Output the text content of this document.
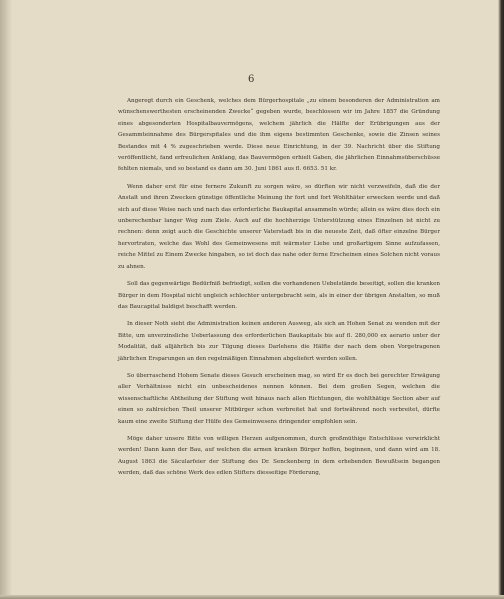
6

Angeregt durch ein Geschenk, welches dem Bürgerhospitale „zu einem besonderen der Administration am wünschenswerthesten erscheinenden Zwecke“ gegeben wurde, beschlossen wir im Jahre 1857 die Gründung eines abgesonderten Hospitalbauvermögens, welchem jährlich die Hälfte der Erübrigungen aus der Gesammteinnahme des Bürgerspitales und die ihm eigens bestimmten Geschenke, sowie die Zinsen seines Bestandes mit 4 % zugeschrieben werde. Diese neue Einrichtung, in der 39. Nachricht über die Stiftung veröffentlicht, fand erfreulichen Anklang, das Bauvermögen erhielt Gaben, die jährlichen Einnahmsüberschüsse fehlten niemals, und so bestand es dann am 30. Juni 1861 aus fl. 6653. 51 kr.

Wenn daher erst für eine fernere Zukunft zu sorgen wäre, so dürften wir nicht verzweifeln, daß die der Anstalt und ihren Zwecken günstige öffentliche Meinung ihr fort und fort Wohlthäter erwecken werde und daß sich auf diese Weise nach und nach das erforderliche Baukapital ansammeln würde; allein es wäre dies doch ein unberechenbar langer Weg zum Ziele. Auch auf die hochherzige Unterstützung eines Einzelnen ist nicht zu rechnen: denn zeigt auch die Geschichte unserer Vaterstadt bis in die neueste Zeit, daß öfter einzelne Bürger hervortraten, welche das Wohl des Gemeinwesens mit wärmster Liebe und großartigem Sinne aufzufassen, reiche Mittel zu Einem Zwecke hingaben, so ist doch das nahe oder ferne Erscheinen eines Solchen nicht voraus zu ahnen.

Soll das gegenwärtige Bedürfniß befriedigt, sollen die vorhandenen Uebelstände beseitigt, sollen die kranken Bürger in dem Hospital nicht ungleich schlechter untergebracht sein, als in einer der übrigen Anstalten, so muß das Baucapital baldigst beschafft werden.

In dieser Noth sieht die Administration keinen anderen Ausweg, als sich an Hohen Senat zu wenden mit der Bitte, um unverzinsliche Ueberlassung des erforderlichen Baukapitals bis auf fl. 280,000 ex aerario unter der Modalität, daß alljährlich bis zur Tilgung dieses Darlehens die Hälfte der nach dem oben Vorgetragenen jährlichen Ersparungen an den regelmäßigen Einnahmen abgeliefert werden sollen.

So überraschend Hohem Senate dieses Gesuch erscheinen mag, so wird Er es doch bei gerechter Erwägung aller Verhältnisse nicht ein unbescheidenes nennen können. Bei dem großen Segen, welchen die wissenschaftliche Abtheilung der Stiftung weit hinaus nach allen Richtungen, die wohlthätige Section aber auf einen so zahlreichen Theil unserer Mitbürger schon verbreitet hat und fortwährend noch verbreitet, dürfte kaum eine zweite Stiftung der Hülfe des Gemeinwesens dringender empfohlen sein.

Möge daher unsere Bitte von willigen Herzen aufgenommen, durch großmüthige Entschlüsse verwirklicht werden! Dann kann der Bau, auf welchen die armen kranken Bürger hoffen, beginnen, und dann wird am 18. August 1863 die Säcularfeier der Stiftung des Dr. Senckenberg in dem erhebenden Bewußtsein begangen werden, daß das schöne Werk des edlen Stifters diesseitige Förderung,
